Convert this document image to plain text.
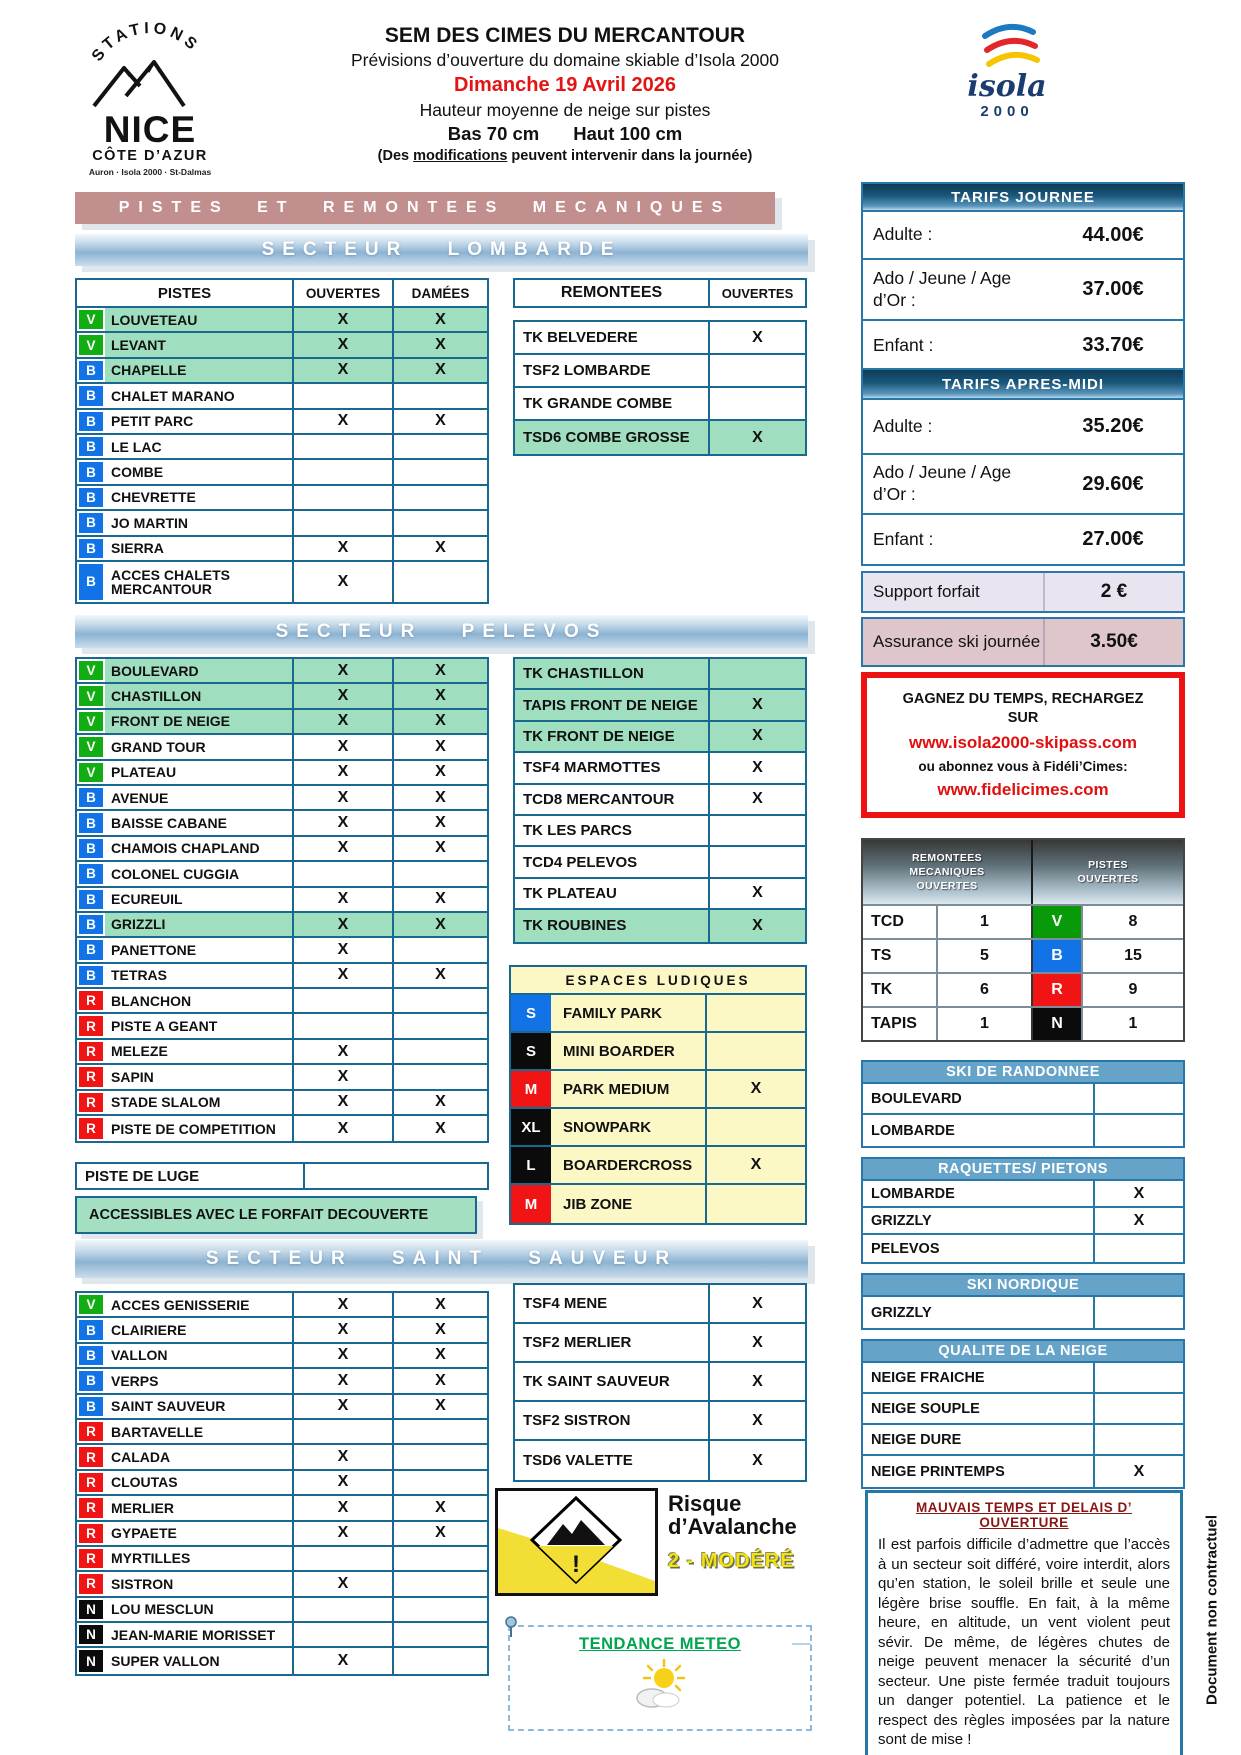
STATIONS
NICE
CÔTE D’AZUR
Auron · Isola 2000 · St-Dalmas
SEM DES CIMES DU MERCANTOUR
Prévisions d’ouverture du domaine skiable d’Isola 2000
Dimanche 19 Avril 2026
Hauteur moyenne de neige sur pistes
Bas 70 cm Haut 100 cm
(Des modifications peuvent intervenir dans la journée)
isola
2000
PISTES ET REMONTEES MECANIQUES
SECTEUR LOMBARDE
SECTEUR PELEVOS
SECTEUR SAINT SAUVEUR
PISTES	OUVERTES	DAMÉES
V	LOUVETEAU	X	X
V	LEVANT	X	X
B	CHAPELLE	X	X
B	CHALET MARANO
B	PETIT PARC	X	X
B	LE LAC
B	COMBE
B	CHEVRETTE
B	JO MARTIN
B	SIERRA	X	X
B	ACCES CHALETS MERCANTOUR	X
REMONTEES	OUVERTES
TK BELVEDERE	X
TSF2 LOMBARDE
TK GRANDE COMBE
TSD6 COMBE GROSSE	X
V	BOULEVARD	X	X
V	CHASTILLON	X	X
V	FRONT DE NEIGE	X	X
V	GRAND TOUR	X	X
V	PLATEAU	X	X
B	AVENUE	X	X
B	BAISSE CABANE	X	X
B	CHAMOIS CHAPLAND	X	X
B	COLONEL CUGGIA
B	ECUREUIL	X	X
B	GRIZZLI	X	X
B	PANETTONE	X
B	TETRAS	X	X
R	BLANCHON
R	PISTE A GEANT
R	MELEZE	X
R	SAPIN	X
R	STADE SLALOM	X	X
R	PISTE DE COMPETITION	X	X
TK CHASTILLON
TAPIS FRONT DE NEIGE	X
TK FRONT DE NEIGE	X
TSF4 MARMOTTES	X
TCD8 MERCANTOUR	X
TK LES PARCS
TCD4 PELEVOS
TK PLATEAU	X
TK ROUBINES	X
ESPACES LUDIQUES
S	FAMILY PARK
S	MINI BOARDER
M	PARK MEDIUM	X
XL	SNOWPARK
L	BOARDERCROSS	X
M	JIB ZONE
PISTE DE LUGE
ACCESSIBLES AVEC LE FORFAIT DECOUVERTE
V	ACCES GENISSERIE	X	X
B	CLAIRIERE	X	X
B	VALLON	X	X
B	VERPS	X	X
B	SAINT SAUVEUR	X	X
R	BARTAVELLE
R	CALADA	X
R	CLOUTAS	X
R	MERLIER	X	X
R	GYPAETE	X	X
R	MYRTILLES
R	SISTRON	X
N	LOU MESCLUN
N	JEAN-MARIE MORISSET
N	SUPER VALLON	X
TSF4 MENE	X
TSF2 MERLIER	X
TK SAINT SAUVEUR	X
TSF2 SISTRON	X
TSD6 VALETTE	X
!
Risque
d’Avalanche
2 - MODÉRÉ
TENDANCE METEO
TARIFS JOURNEE
Adulte :	44.00€
Ado / Jeune / Age d’Or :	37.00€
Enfant :	33.70€
TARIFS APRES-MIDI
Adulte :	35.20€
Ado / Jeune / Age d’Or :	29.60€
Enfant :	27.00€
Support forfait	2 €
Assurance ski journée	3.50€
GAGNEZ DU TEMPS, RECHARGEZ SUR
www.isola2000-skipass.com
ou abonnez vous à Fidéli’Cimes:
www.fidelicimes.com
REMONTEES MECANIQUES OUVERTES
PISTES OUVERTES
TCD	1	V	8
TS	5	B	15
TK	6	R	9
TAPIS	1	N	1
SKI DE RANDONNEE
BOULEVARD
LOMBARDE
RAQUETTES/ PIETONS
LOMBARDE	X
GRIZZLY	X
PELEVOS
SKI NORDIQUE
GRIZZLY
QUALITE DE LA NEIGE
NEIGE FRAICHE
NEIGE SOUPLE
NEIGE DURE
NEIGE PRINTEMPS	X
MAUVAIS TEMPS ET DELAIS D’ OUVERTURE
Il est parfois difficile d’admettre que l’accès à un secteur soit différé, voire interdit, alors qu’en station, le soleil brille et seule une légère brise souffle. En fait, à la même heure, en altitude, un vent violent peut sévir. De même, de légères chutes de neige peuvent menacer la sécurité d’un secteur. Une piste fermée traduit toujours un danger potentiel. La patience et le respect des règles imposées par la nature sont de mise !
Document non contractuel
